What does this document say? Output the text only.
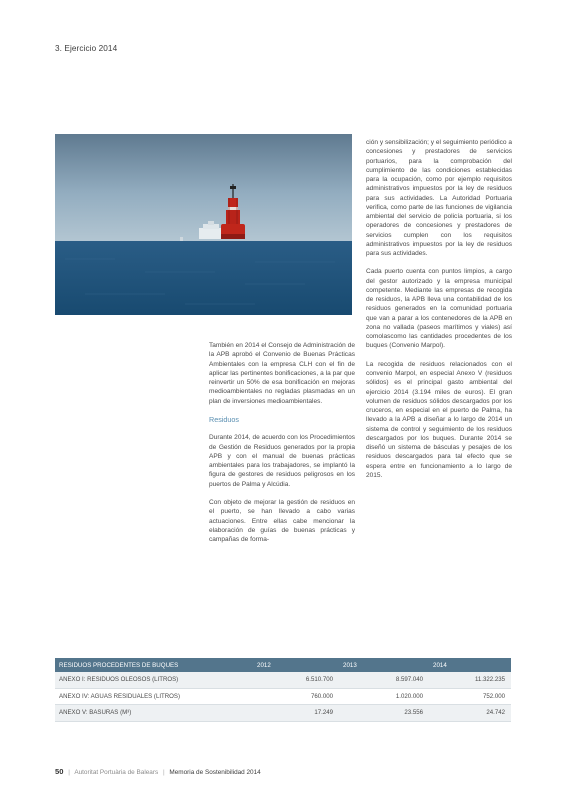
3. Ejercicio 2014

También en 2014 el Consejo de Administración de la APB aprobó el Convenio de Buenas Prácticas Ambientales con la empresa CLH con el fin de aplicar las pertinentes bonificaciones, a la par que reinvertir un 50% de esa bonificación en mejoras medioambientales no regladas plasmadas en un plan de inversiones medioambientales.

Residuos

Durante 2014, de acuerdo con los Procedimientos de Gestión de Residuos generados por la propia APB y con el manual de buenas prácticas ambientales para los trabajadores, se implantó la figura de gestores de residuos peligrosos en los puertos de Palma y Alcúdia.

Con objeto de mejorar la gestión de residuos en el puerto, se han llevado a cabo varias actuaciones. Entre ellas cabe mencionar la elaboración de guías de buenas prácticas y campañas de forma-

ción y sensibilización; y el seguimiento periódico a concesiones y prestadores de servicios portuarios, para la comprobación del cumplimiento de las condiciones establecidas para la ocupación, como por ejemplo requisitos administrativos impuestos por la ley de residuos para sus actividades. La Autoridad Portuaria verifica, como parte de las funciones de vigilancia ambiental del servicio de policía portuaria, si los operadores de concesiones y prestadores de servicios cumplen con los requisitos administrativos impuestos por la ley de residuos para sus actividades.

Cada puerto cuenta con puntos limpios, a cargo del gestor autorizado y la empresa municipal competente. Mediante las empresas de recogida de residuos, la APB lleva una contabilidad de los residuos generados en la comunidad portuaria que van a parar a los contenedores de la APB en zona no vallada (paseos marítimos y viales) así comolascomo las cantidades procedentes de los buques (Convenio Marpol).

La recogida de residuos relacionados con el convenio Marpol, en especial Anexo V (residuos sólidos) es el principal gasto ambiental del ejercicio 2014 (3.194 miles de euros). El gran volumen de residuos sólidos descargados por los cruceros, en especial en el puerto de Palma, ha llevado a la APB a diseñar a lo largo de 2014 un sistema de control y seguimiento de los residuos descargados por los buques. Durante 2014 se diseñó un sistema de básculas y pesajes de los residuos descargados para tal efecto que se espera entre en funcionamiento a lo largo de 2015.

RESIDUOS PROCEDENTES DE BUQUES	2012	2013	2014
ANEXO I: RESIDUOS OLEOSOS (LITROS)	6.510.700	8.597.040	11.322.235
ANEXO IV: AGUAS RESIDUALES (LITROS)	760.000	1.020.000	752.000
ANEXO V: BASURAS (M³)	17.249	23.556	24.742
50 | Autoritat Portuària de Balears | Memoria de Sostenibilidad 2014
